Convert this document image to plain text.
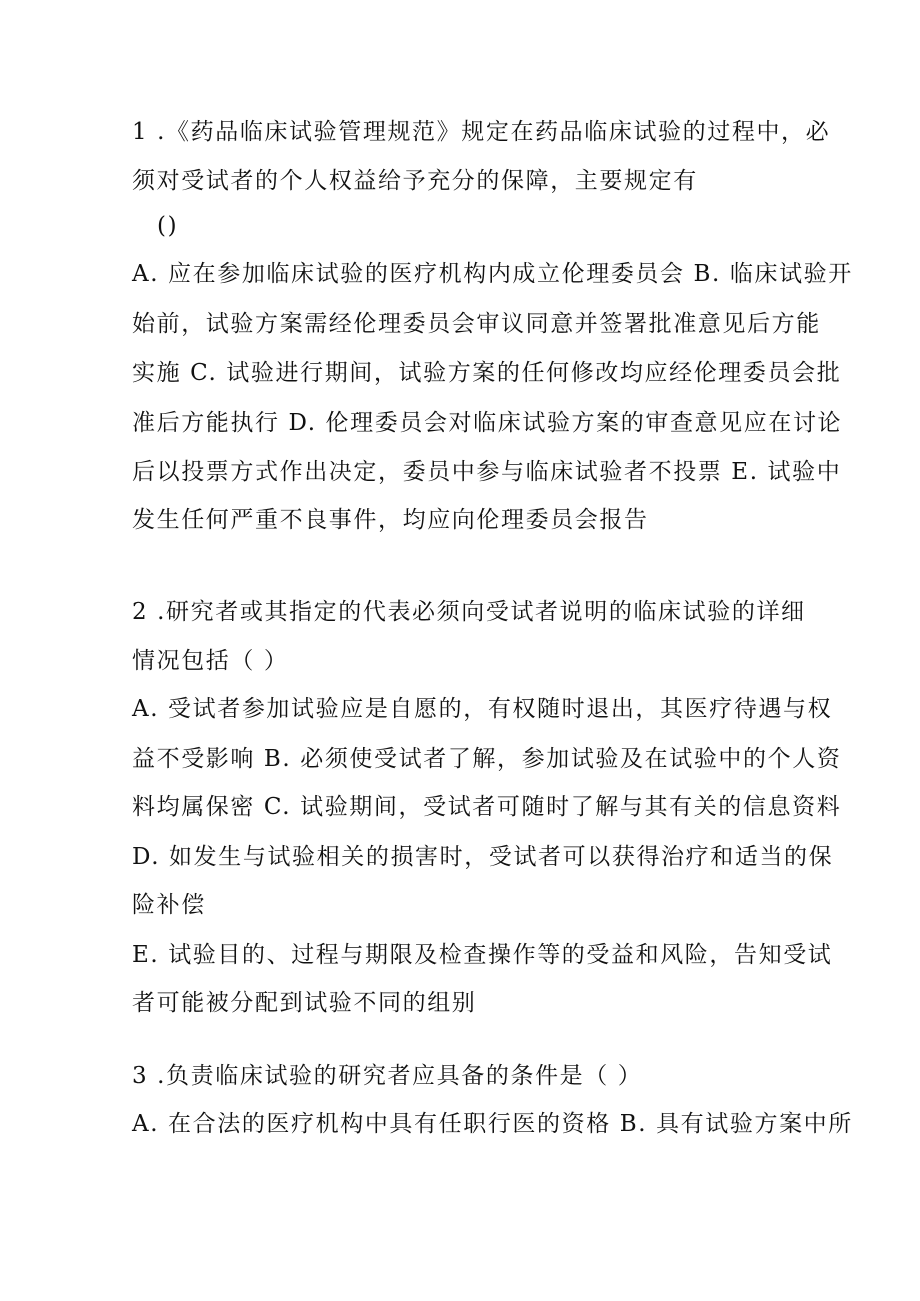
1 .《药品临床试验管理规范》规定在药品临床试验的过程中，必
须对受试者的个人权益给予充分的保障，主要规定有
()
A. 应在参加临床试验的医疗机构内成立伦理委员会 B. 临床试验开
始前，试验方案需经伦理委员会审议同意并签署批准意见后方能
实施 C. 试验进行期间，试验方案的任何修改均应经伦理委员会批
准后方能执行 D. 伦理委员会对临床试验方案的审查意见应在讨论
后以投票方式作出决定，委员中参与临床试验者不投票 E. 试验中
发生任何严重不良事件，均应向伦理委员会报告
2 .研究者或其指定的代表必须向受试者说明的临床试验的详细
情况包括（ ）
A. 受试者参加试验应是自愿的，有权随时退出，其医疗待遇与权
益不受影响 B. 必须使受试者了解，参加试验及在试验中的个人资
料均属保密 C. 试验期间，受试者可随时了解与其有关的信息资料
D. 如发生与试验相关的损害时，受试者可以获得治疗和适当的保
险补偿
E. 试验目的、过程与期限及检查操作等的受益和风险，告知受试
者可能被分配到试验不同的组别
3 .负责临床试验的研究者应具备的条件是（ ）
A. 在合法的医疗机构中具有任职行医的资格 B. 具有试验方案中所
